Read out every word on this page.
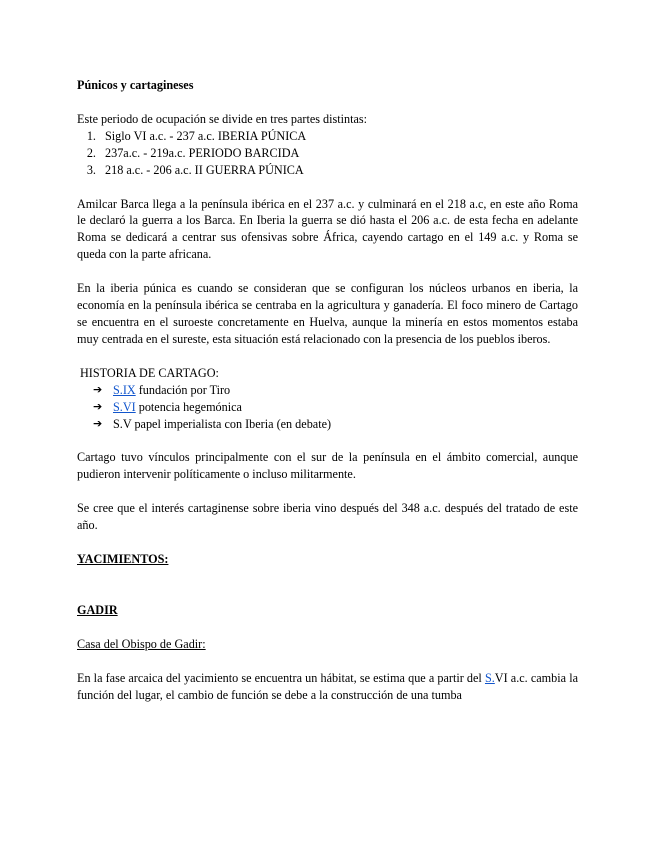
Púnicos y cartagineses

Este periodo de ocupación se divide en tres partes distintas:

1. Siglo VI a.c. - 237 a.c. IBERIA PÚNICA
2. 237a.c. - 219a.c. PERIODO BARCIDA
3. 218 a.c. - 206 a.c. II GUERRA PÚNICA

Amilcar Barca llega a la península ibérica en el 237 a.c. y culminará en el 218 a.c, en este año Roma le declaró la guerra a los Barca. En Iberia la guerra se dió hasta el 206 a.c. de esta fecha en adelante Roma se dedicará a centrar sus ofensivas sobre África, cayendo cartago en el 149 a.c. y Roma se queda con la parte africana.

En la iberia púnica es cuando se consideran que se configuran los núcleos urbanos en iberia, la economía en la península ibérica se centraba en la agricultura y ganadería. El foco minero de Cartago se encuentra en el suroeste concretamente en Huelva, aunque la minería en estos momentos estaba muy centrada en el sureste, esta situación está relacionado con la presencia de los pueblos iberos.

HISTORIA DE CARTAGO:

➔ S.IX fundación por Tiro
➔ S.VI potencia hegemónica
➔ S.V papel imperialista con Iberia (en debate)

Cartago tuvo vínculos principalmente con el sur de la península en el ámbito comercial, aunque pudieron intervenir políticamente o incluso militarmente.

Se cree que el interés cartaginense sobre iberia vino después del 348 a.c. después del tratado de este año.

YACIMIENTOS:

GADIR

Casa del Obispo de Gadir:

En la fase arcaica del yacimiento se encuentra un hábitat, se estima que a partir del S.VI a.c. cambia la función del lugar, el cambio de función se debe a la construcción de una tumba
